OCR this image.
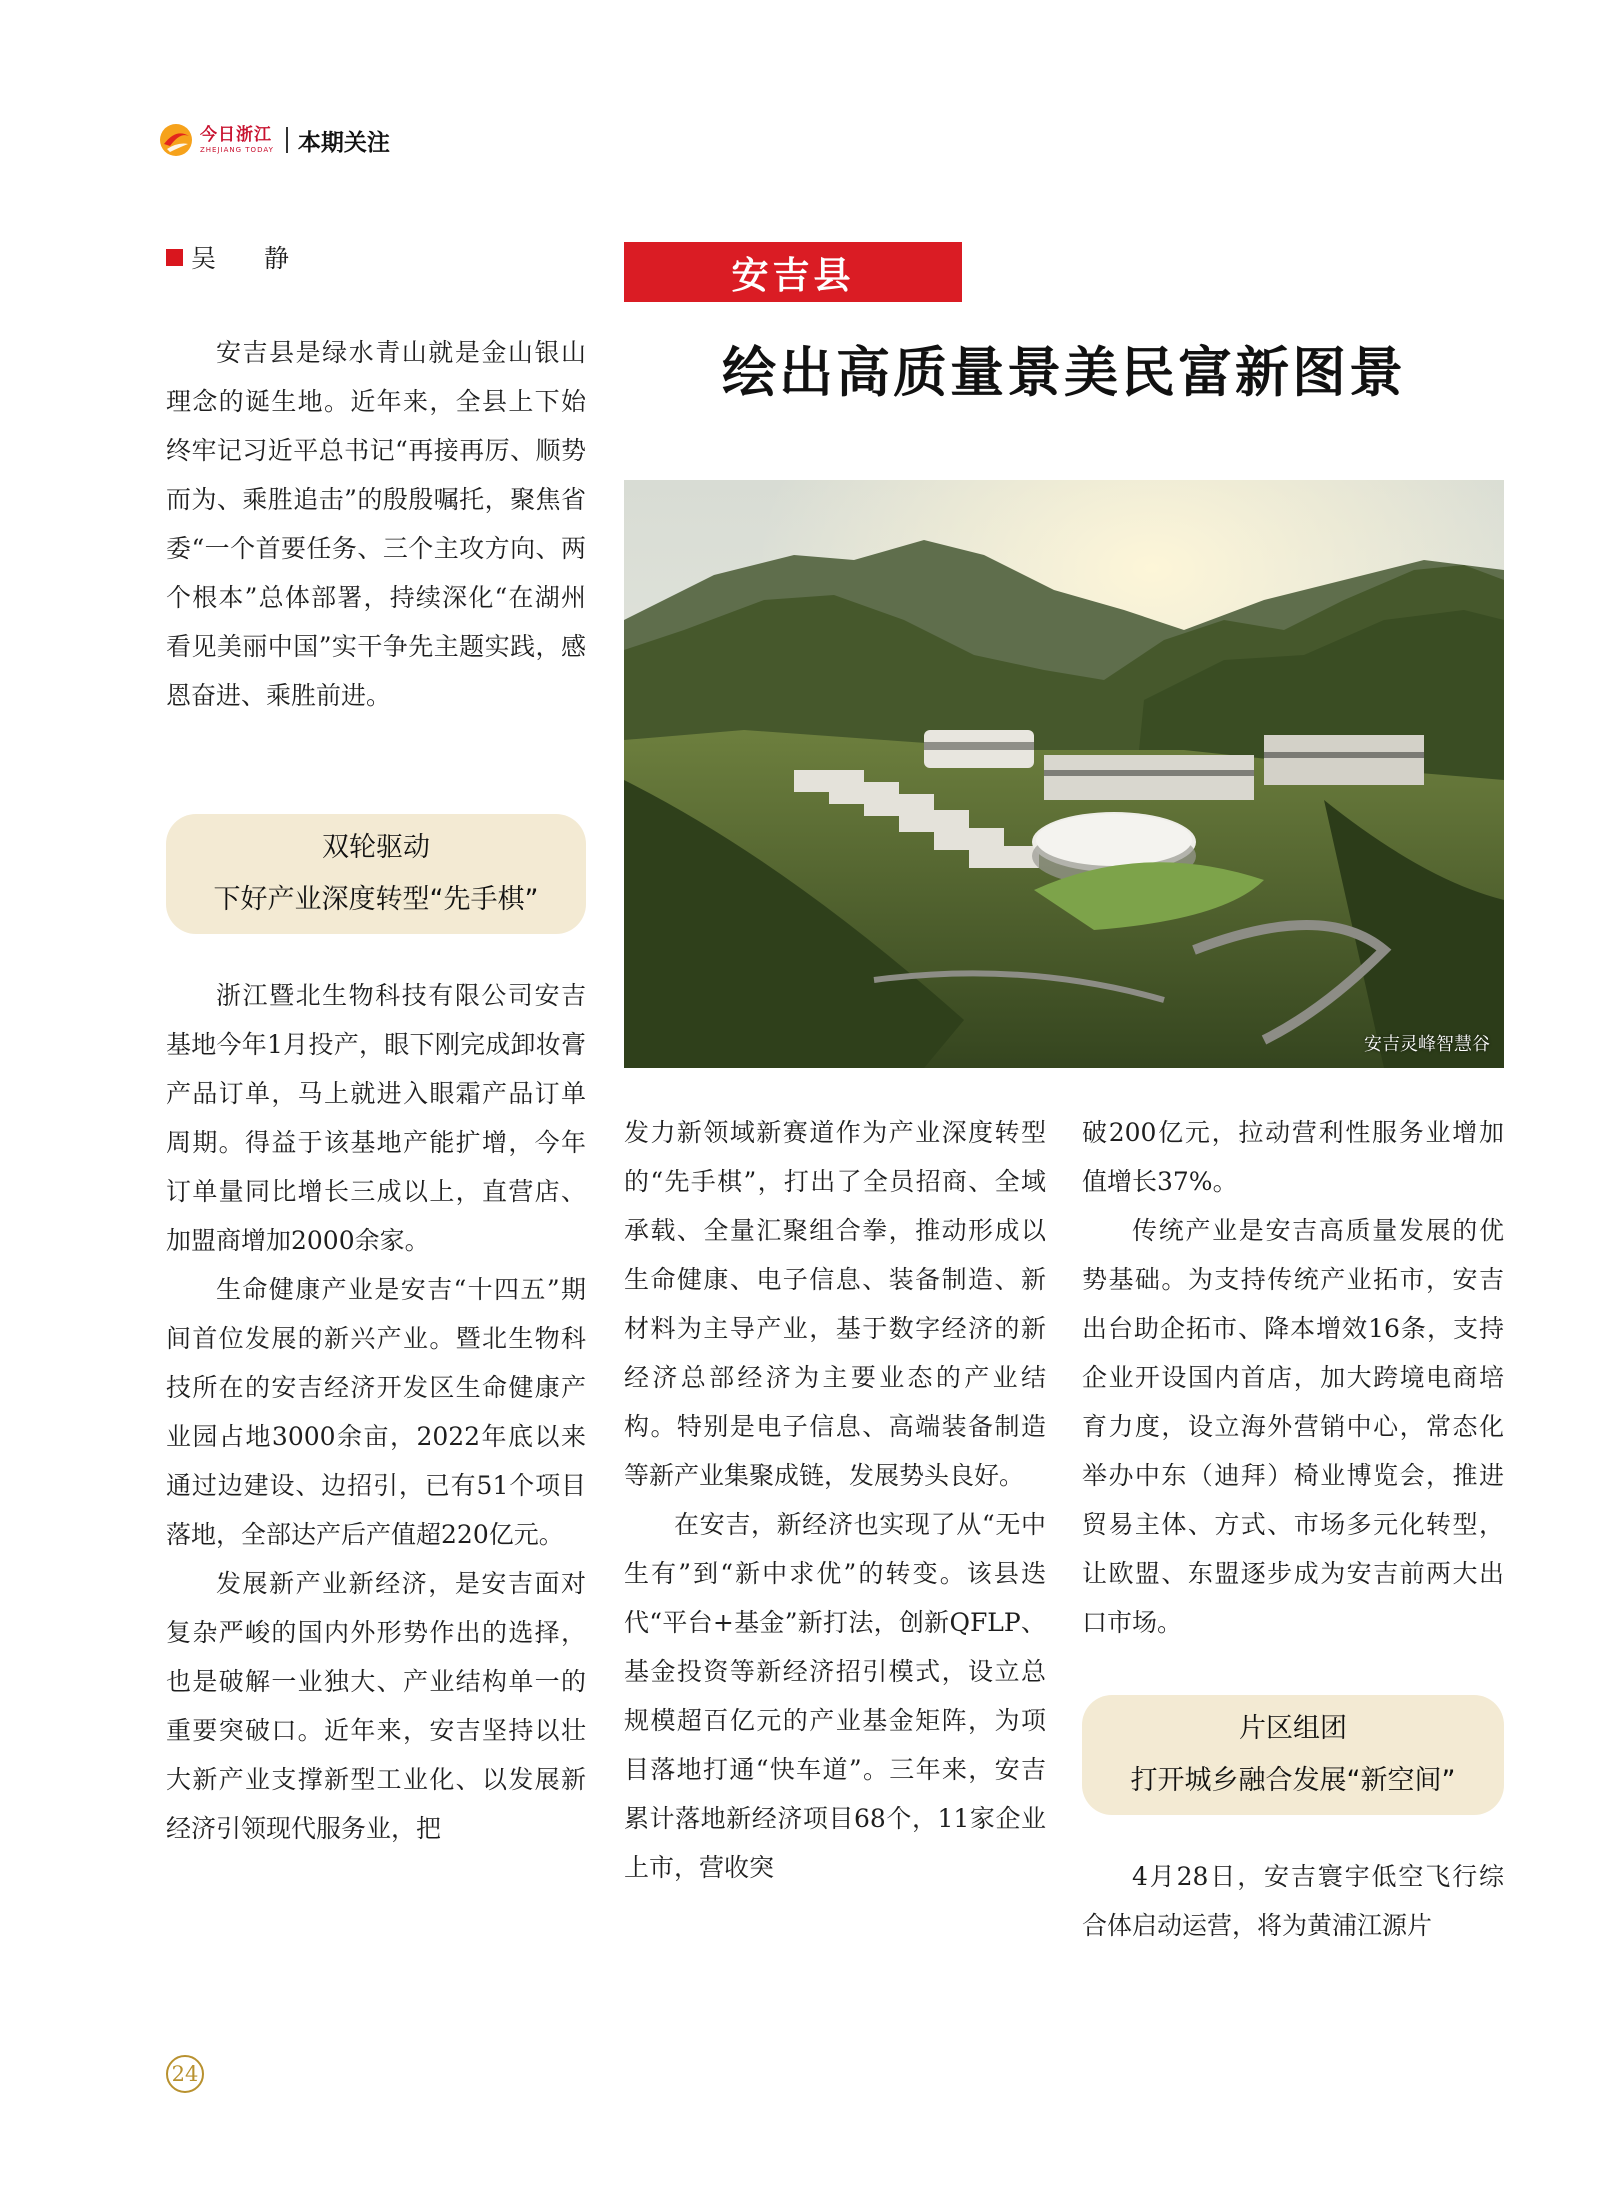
今日浙江
ZHEJIANG TODAY 本期关注
吴 静	安吉县
绘出高质量景美民富新图景
安吉灵峰智慧谷

安吉县是绿水青山就是金山银山理念的诞生地。近年来，全县上下始终牢记习近平总书记“再接再厉、顺势而为、乘胜追击”的殷殷嘱托，聚焦省委“一个首要任务、三个主攻方向、两个根本”总体部署，持续深化“在湖州看见美丽中国”实干争先主题实践，感恩奋进、乘胜前进。

双轮驱动
下好产业深度转型“先手棋”

浙江暨北生物科技有限公司安吉基地今年1月投产，眼下刚完成卸妆膏产品订单，马上就进入眼霜产品订单周期。得益于该基地产能扩增，今年订单量同比增长三成以上，直营店、加盟商增加2000余家。

生命健康产业是安吉“十四五”期间首位发展的新兴产业。暨北生物科技所在的安吉经济开发区生命健康产业园占地3000余亩，2022年底以来通过边建设、边招引，已有51个项目落地，全部达产后产值超220亿元。

发展新产业新经济，是安吉面对复杂严峻的国内外形势作出的选择，也是破解一业独大、产业结构单一的重要突破口。近年来，安吉坚持以壮大新产业支撑新型工业化、以发展新经济引领现代服务业，把

发力新领域新赛道作为产业深度转型的“先手棋”，打出了全员招商、全域承载、全量汇聚组合拳，推动形成以生命健康、电子信息、装备制造、新材料为主导产业，基于数字经济的新经济总部经济为主要业态的产业结构。特别是电子信息、高端装备制造等新产业集聚成链，发展势头良好。

在安吉，新经济也实现了从“无中生有”到“新中求优”的转变。该县迭代“平台+基金”新打法，创新QFLP、基金投资等新经济招引模式，设立总规模超百亿元的产业基金矩阵，为项目落地打通“快车道”。三年来，安吉累计落地新经济项目68个，11家企业上市，营收突

破200亿元，拉动营利性服务业增加值增长37%。

传统产业是安吉高质量发展的优势基础。为支持传统产业拓市，安吉出台助企拓市、降本增效16条，支持企业开设国内首店，加大跨境电商培育力度，设立海外营销中心，常态化举办中东（迪拜）椅业博览会，推进贸易主体、方式、市场多元化转型，让欧盟、东盟逐步成为安吉前两大出口市场。

片区组团
打开城乡融合发展“新空间”

4月28日，安吉寰宇低空飞行综合体启动运营，将为黄浦江源片

24
